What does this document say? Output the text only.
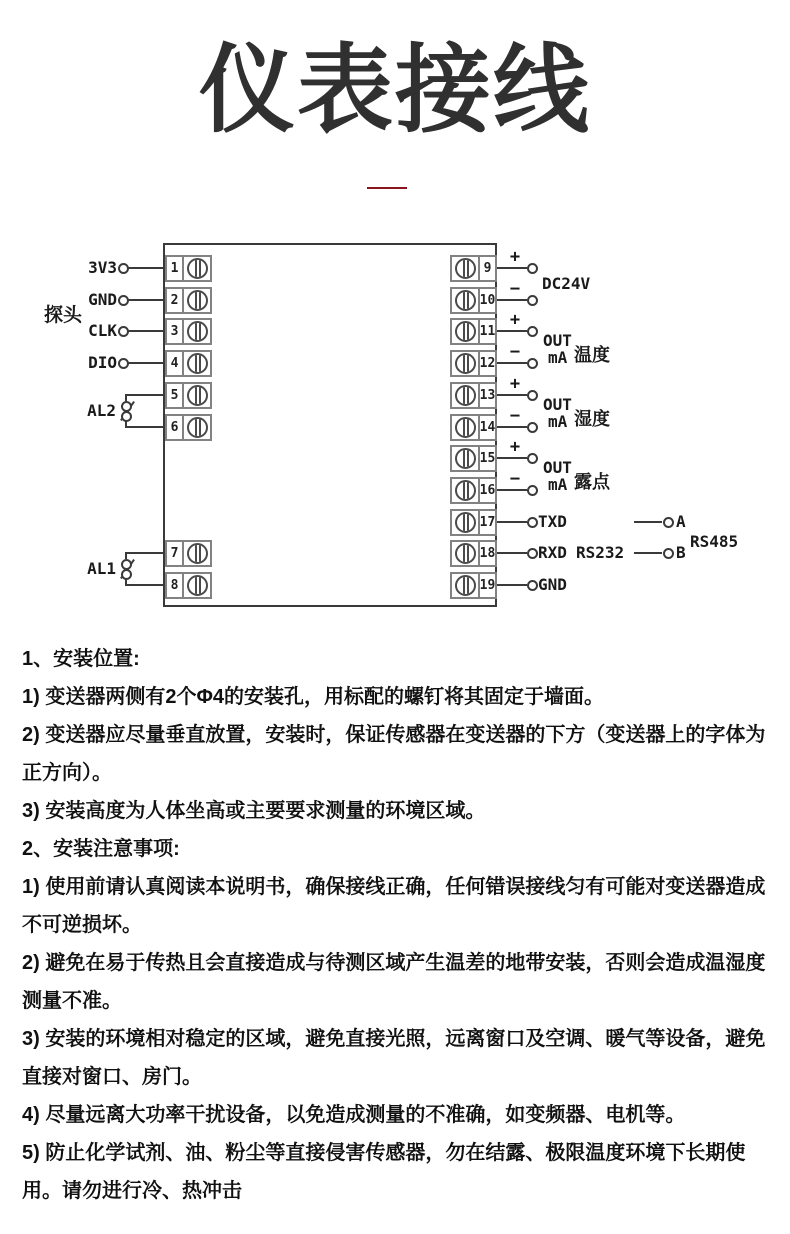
仪表接线
1
3V3
2
GND
3
CLK
4
DIO
探头
5
6
AL2
7
8
AL1
9
+
10
−
11
+
12
−
13
+
14
−
15
+
16
−
17
18
19
DC24V
OUT
mA 温度
OUT
mA 湿度
OUT
mA 露点
TXD
RXD RS232
GND
A
B
RS485

1、安装位置:

1) 变送器两侧有2个Φ4的安装孔，用标配的螺钉将其固定于墙面。

2) 变送器应尽量垂直放置，安装时，保证传感器在变送器的下方（变送器上的字体为正方向）。

3) 安装高度为人体坐高或主要要求测量的环境区域。

2、安装注意事项:

1) 使用前请认真阅读本说明书，确保接线正确，任何错误接线匀有可能对变送器造成不可逆损坏。

2) 避免在易于传热且会直接造成与待测区域产生温差的地带安装，否则会造成温湿度测量不准。

3) 安装的环境相对稳定的区域，避免直接光照，远离窗口及空调、暖气等设备，避免直接对窗口、房门。

4) 尽量远离大功率干扰设备，以免造成测量的不准确，如变频器、电机等。

5) 防止化学试剂、油、粉尘等直接侵害传感器，勿在结露、极限温度环境下长期使用。请勿进行冷、热冲击
